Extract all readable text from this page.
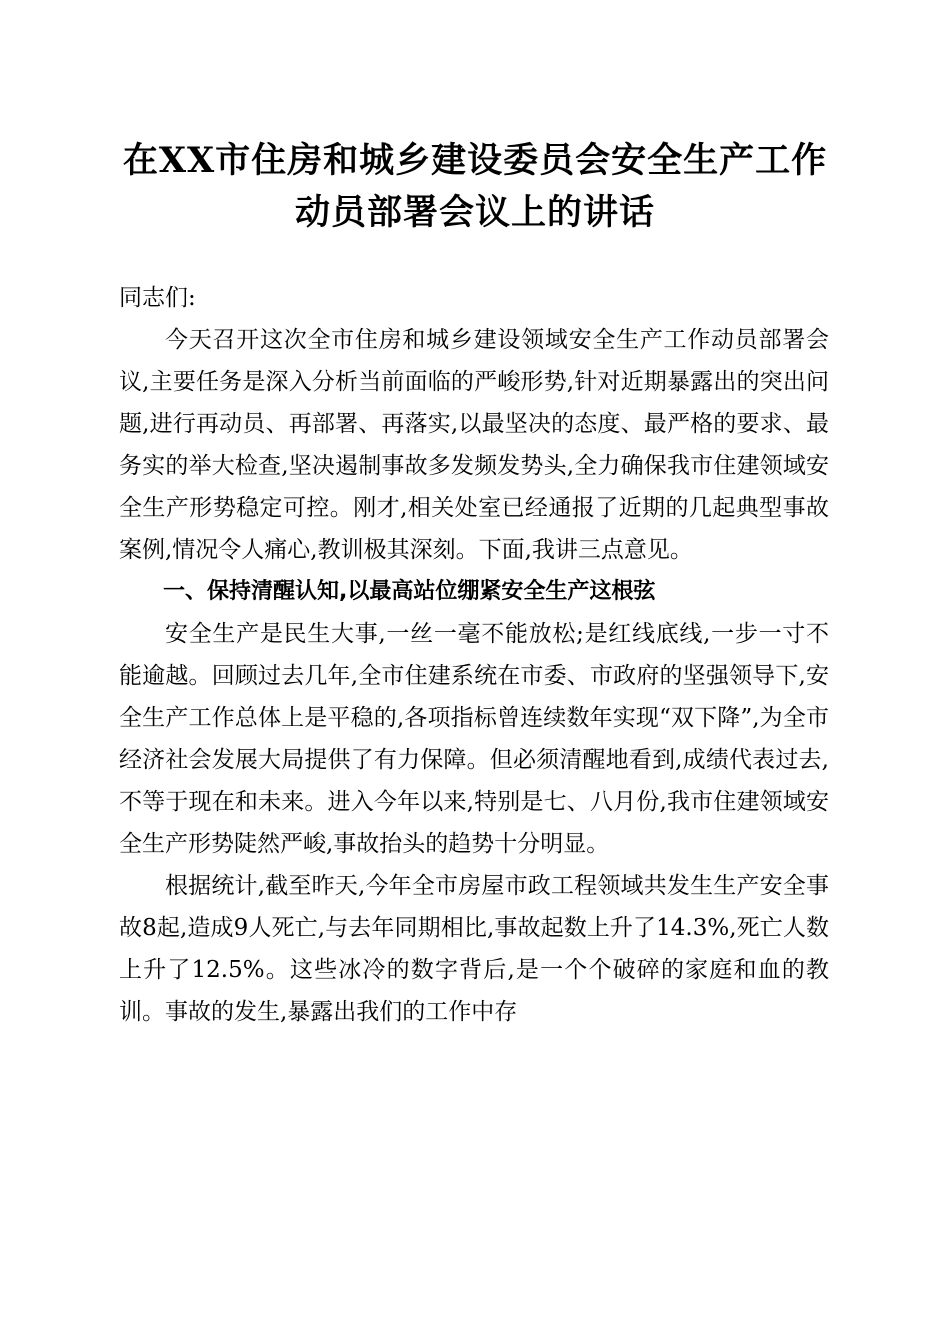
在XX市住房和城乡建设委员会安全生产工作
动员部署会议上的讲话

同志们:

今天召开这次全市住房和城乡建设领域安全生产工作动员部署会议,主要任务是深入分析当前面临的严峻形势,针对近期暴露出的突出问题,进行再动员、再部署、再落实,以最坚决的态度、最严格的要求、最务实的举大检查,坚决遏制事故多发频发势头,全力确保我市住建领域安全生产形势稳定可控。刚才,相关处室已经通报了近期的几起典型事故案例,情况令人痛心,教训极其深刻。下面,我讲三点意见。

一、保持清醒认知,以最高站位绷紧安全生产这根弦

安全生产是民生大事,一丝一毫不能放松;是红线底线,一步一寸不能逾越。回顾过去几年,全市住建系统在市委、市政府的坚强领导下,安全生产工作总体上是平稳的,各项指标曾连续数年实现“双下降”,为全市经济社会发展大局提供了有力保障。但必须清醒地看到,成绩代表过去,不等于现在和未来。进入今年以来,特别是七、八月份,我市住建领域安全生产形势陡然严峻,事故抬头的趋势十分明显。

根据统计,截至昨天,今年全市房屋市政工程领域共发生生产安全事故8起,造成9人死亡,与去年同期相比,事故起数上升了14.3%,死亡人数上升了12.5%。这些冰冷的数字背后,是一个个破碎的家庭和血的教训。事故的发生,暴露出我们的工作中存
